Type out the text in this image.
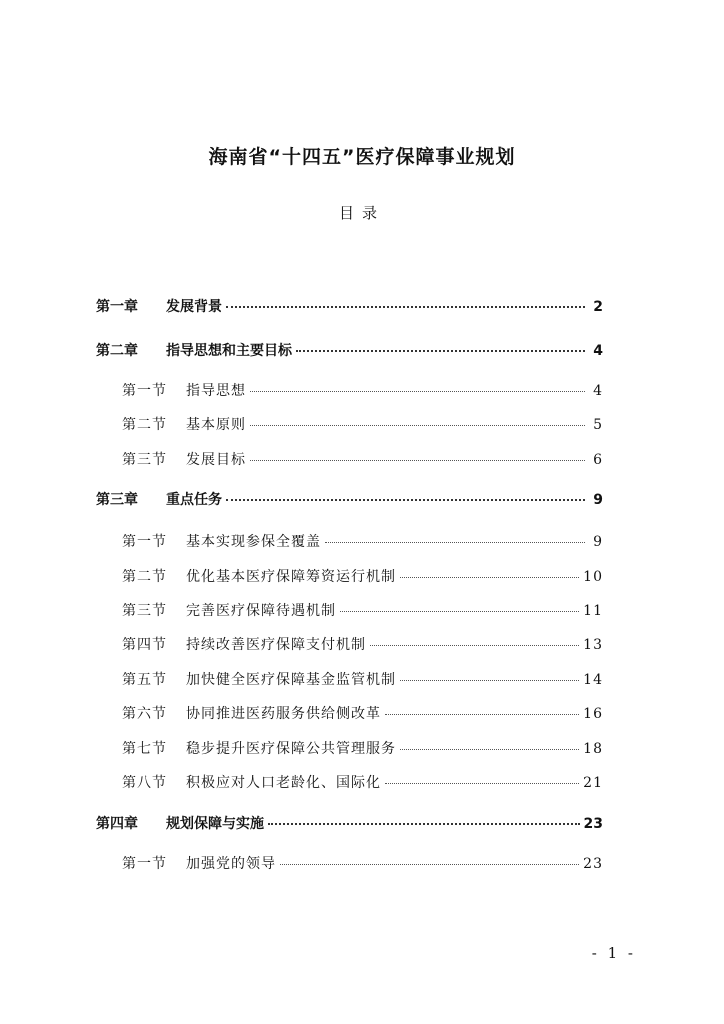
海南省“十四五”医疗保障事业规划
目录
第一章	发展背景	2
第二章	指导思想和主要目标	4
第一节	指导思想	4
第二节	基本原则	5
第三节	发展目标	6
第三章	重点任务	9
第一节	基本实现参保全覆盖	9
第二节	优化基本医疗保障筹资运行机制	10
第三节	完善医疗保障待遇机制	11
第四节	持续改善医疗保障支付机制	13
第五节	加快健全医疗保障基金监管机制	14
第六节	协同推进医药服务供给侧改革	16
第七节	稳步提升医疗保障公共管理服务	18
第八节	积极应对人口老龄化、国际化	21
第四章	规划保障与实施	23
第一节	加强党的领导	23
- 1 -
